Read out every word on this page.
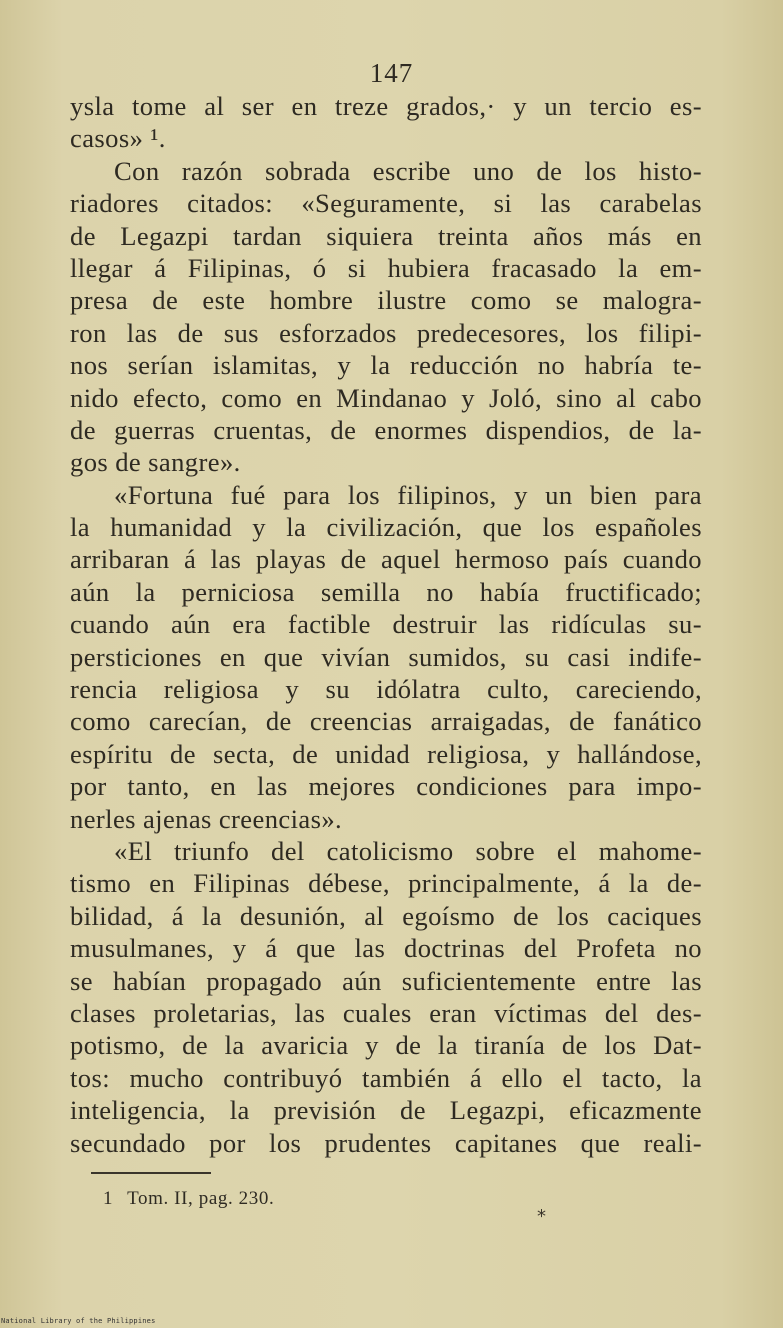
147
ysla tome al ser en treze grados,· y un tercio es-
casos» ¹.
Con razón sobrada escribe uno de los histo-
riadores citados: «Seguramente, si las carabelas
de Legazpi tardan siquiera treinta años más en
llegar á Filipinas, ó si hubiera fracasado la em-
presa de este hombre ilustre como se malogra-
ron las de sus esforzados predecesores, los filipi-
nos serían islamitas, y la reducción no habría te-
nido efecto, como en Mindanao y Joló, sino al cabo
de guerras cruentas, de enormes dispendios, de la-
gos de sangre».
«Fortuna fué para los filipinos, y un bien para
la humanidad y la civilización, que los españoles
arribaran á las playas de aquel hermoso país cuando
aún la perniciosa semilla no había fructificado;
cuando aún era factible destruir las ridículas su-
persticiones en que vivían sumidos, su casi indife-
rencia religiosa y su idólatra culto, careciendo,
como carecían, de creencias arraigadas, de fanático
espíritu de secta, de unidad religiosa, y hallándose,
por tanto, en las mejores condiciones para impo-
nerles ajenas creencias».
«El triunfo del catolicismo sobre el mahome-
tismo en Filipinas débese, principalmente, á la de-
bilidad, á la desunión, al egoísmo de los caciques
musulmanes, y á que las doctrinas del Profeta no
se habían propagado aún suficientemente entre las
clases proletarias, las cuales eran víctimas del des-
potismo, de la avaricia y de la tiranía de los Dat-
tos: mucho contribuyó también á ello el tacto, la
inteligencia, la previsión de Legazpi, eficazmente
secundado por los prudentes capitanes que reali-
1 Tom. II, pag. 230.
*
National Library of the Philippines
